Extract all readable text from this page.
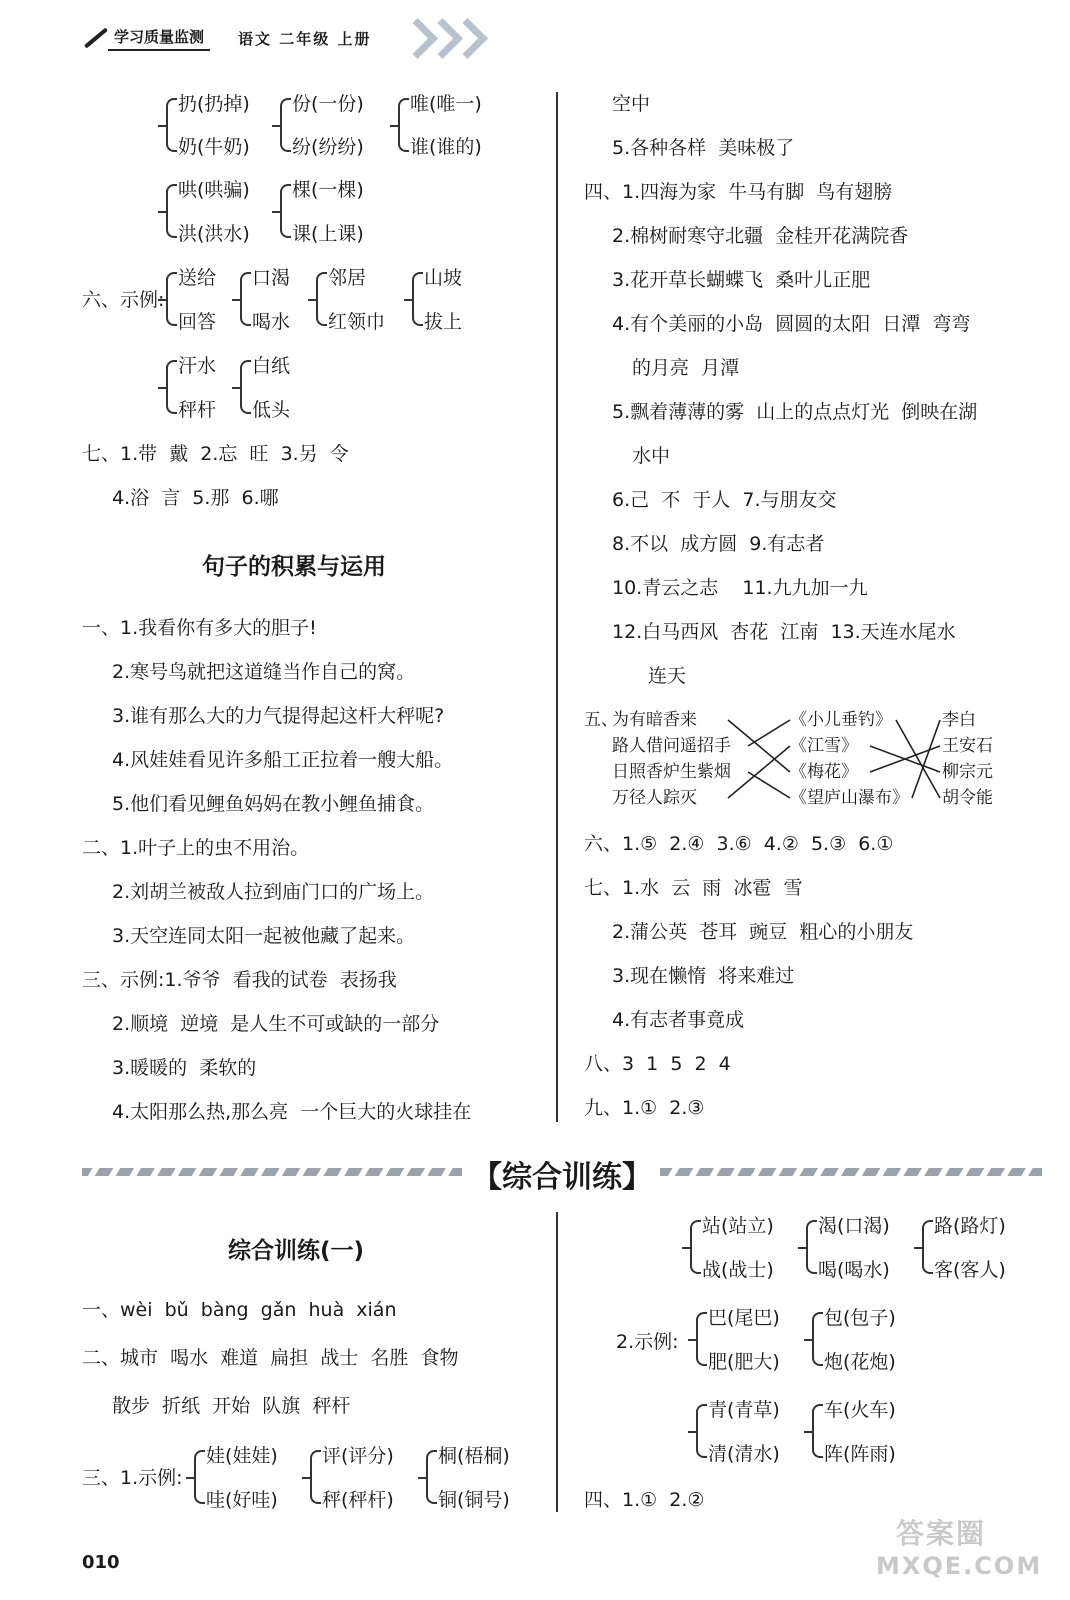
学习质量监测	语文 二年级 上册
扔(扔掉)
奶(牛奶)
份(一份)
纷(纷纷)
唯(唯一)
谁(谁的)
哄(哄骗)
洪(洪水)
棵(一棵)
课(上课)
六、示例:
送给
回答
口渴
喝水
邻居
红领巾
山坡
拔上
汗水
秤杆
白纸
低头
七、1.带  戴  2.忘  旺  3.另  令
4.浴  言  5.那  6.哪
句子的积累与运用
一、1.我看你有多大的胆子!
2.寒号鸟就把这道缝当作自己的窝。
3.谁有那么大的力气提得起这杆大秤呢?
4.风娃娃看见许多船工正拉着一艘大船。
5.他们看见鲤鱼妈妈在教小鲤鱼捕食。
二、1.叶子上的虫不用治。
2.刘胡兰被敌人拉到庙门口的广场上。
3.天空连同太阳一起被他藏了起来。
三、示例:1.爷爷  看我的试卷  表扬我
2.顺境  逆境  是人生不可或缺的一部分
3.暖暖的  柔软的
4.太阳那么热,那么亮  一个巨大的火球挂在
空中
5.各种各样  美味极了
四、1.四海为家  牛马有脚  鸟有翅膀
2.棉树耐寒守北疆  金桂开花满院香
3.花开草长蝴蝶飞  桑叶儿正肥
4.有个美丽的小岛  圆圆的太阳  日潭  弯弯
的月亮  月潭
5.飘着薄薄的雾  山上的点点灯光  倒映在湖
水中
6.己  不  于人  7.与朋友交
8.不以  成方圆  9.有志者
10.青云之志    11.九九加一九
12.白马西风  杏花  江南  13.天连水尾水
连天
五、
为有暗香来
路人借问遥招手
日照香炉生紫烟
万径人踪灭
《小儿垂钓》
《江雪》
《梅花》
《望庐山瀑布》
李白
王安石
柳宗元
胡令能
六、1.⑤  2.④  3.⑥  4.②  5.③  6.①
七、1.水  云  雨  冰雹  雪
2.蒲公英  苍耳  豌豆  粗心的小朋友
3.现在懒惰  将来难过
4.有志者事竟成
八、3  1  5  2  4
九、1.①  2.③
【综合训练】
综合训练(一)
一、wèi  bǔ  bàng  gǎn  huà  xián
二、城市  喝水  难道  扁担  战士  名胜  食物
散步  折纸  开始  队旗  秤杆
三、1.示例:
娃(娃娃)
哇(好哇)
评(评分)
秤(秤杆)
桐(梧桐)
铜(铜号)
站(站立)
战(战士)
渴(口渴)
喝(喝水)
路(路灯)
客(客人)
2.示例:
巴(尾巴)
肥(肥大)
包(包子)
炮(花炮)
青(青草)
清(清水)
车(火车)
阵(阵雨)
四、1.①  2.②
010
答案圈
MXQE.COM
